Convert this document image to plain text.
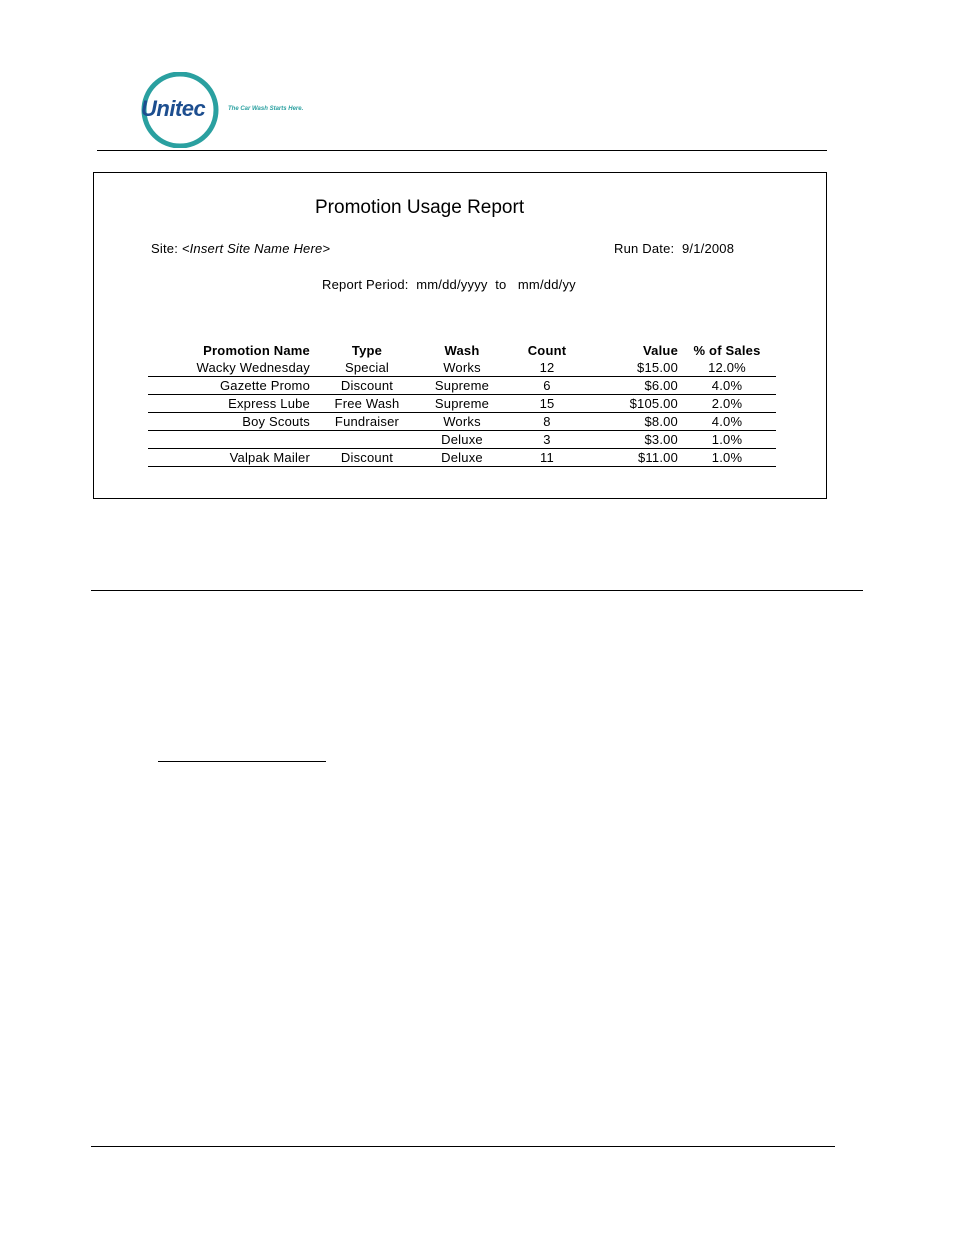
Unitec	The Car Wash Starts Here.
Promotion Usage Report
Site: <Insert Site Name Here>	Run Date: 9/1/2008
Report Period: mm/dd/yyyy to mm/dd/yy
Promotion Name	Type	Wash	Count	Value	% of Sales
Wacky Wednesday	Special	Works	12	$15.00	12.0%
Gazette Promo	Discount	Supreme	6	$6.00	4.0%
Express Lube	Free Wash	Supreme	15	$105.00	2.0%
Boy Scouts	Fundraiser	Works	8	$8.00	4.0%
		Deluxe	3	$3.00	1.0%
Valpak Mailer	Discount	Deluxe	11	$11.00	1.0%
